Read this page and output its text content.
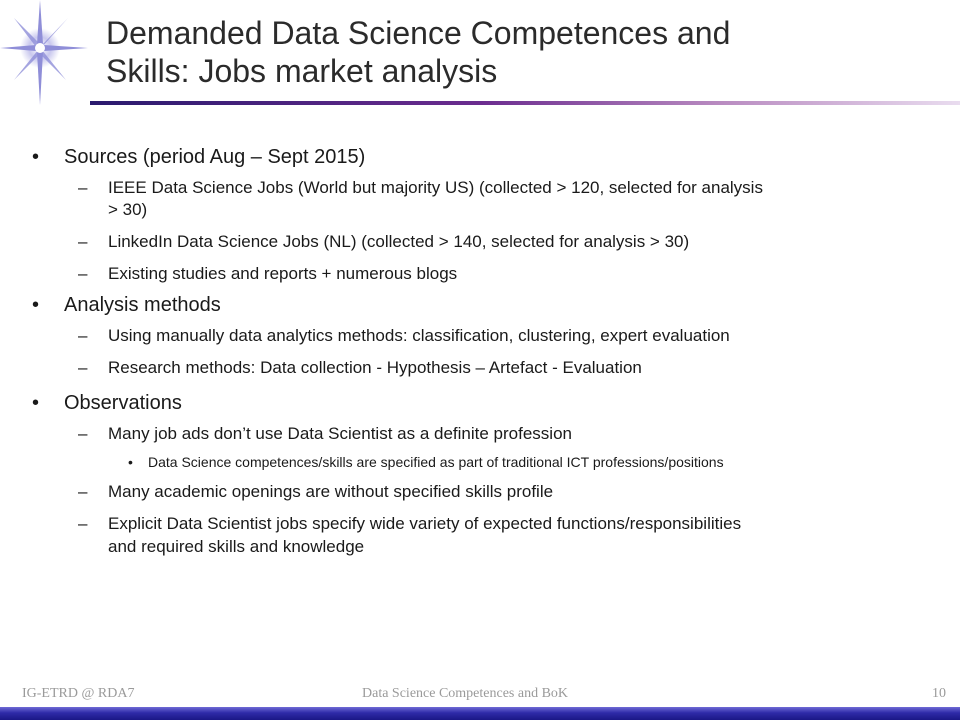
Demanded Data Science Competences and
Skills: Jobs market analysis
• Sources (period Aug – Sept 2015)

– IEEE Data Science Jobs (World but majority US) (collected > 120, selected for analysis

> 30)

– LinkedIn Data Science Jobs (NL) (collected > 140, selected for analysis > 30)

– Existing studies and reports + numerous blogs

• Analysis methods

– Using manually data analytics methods: classification, clustering, expert evaluation

– Research methods: Data collection - Hypothesis – Artefact - Evaluation

• Observations

– Many job ads don’t use Data Scientist as a definite profession

• Data Science competences/skills are specified as part of traditional ICT professions/positions

– Many academic openings are without specified skills profile

– Explicit Data Scientist jobs specify wide variety of expected functions/responsibilities

and required skills and knowledge

IG-ETRD @ RDA7	Data Science Competences and BoK	10
